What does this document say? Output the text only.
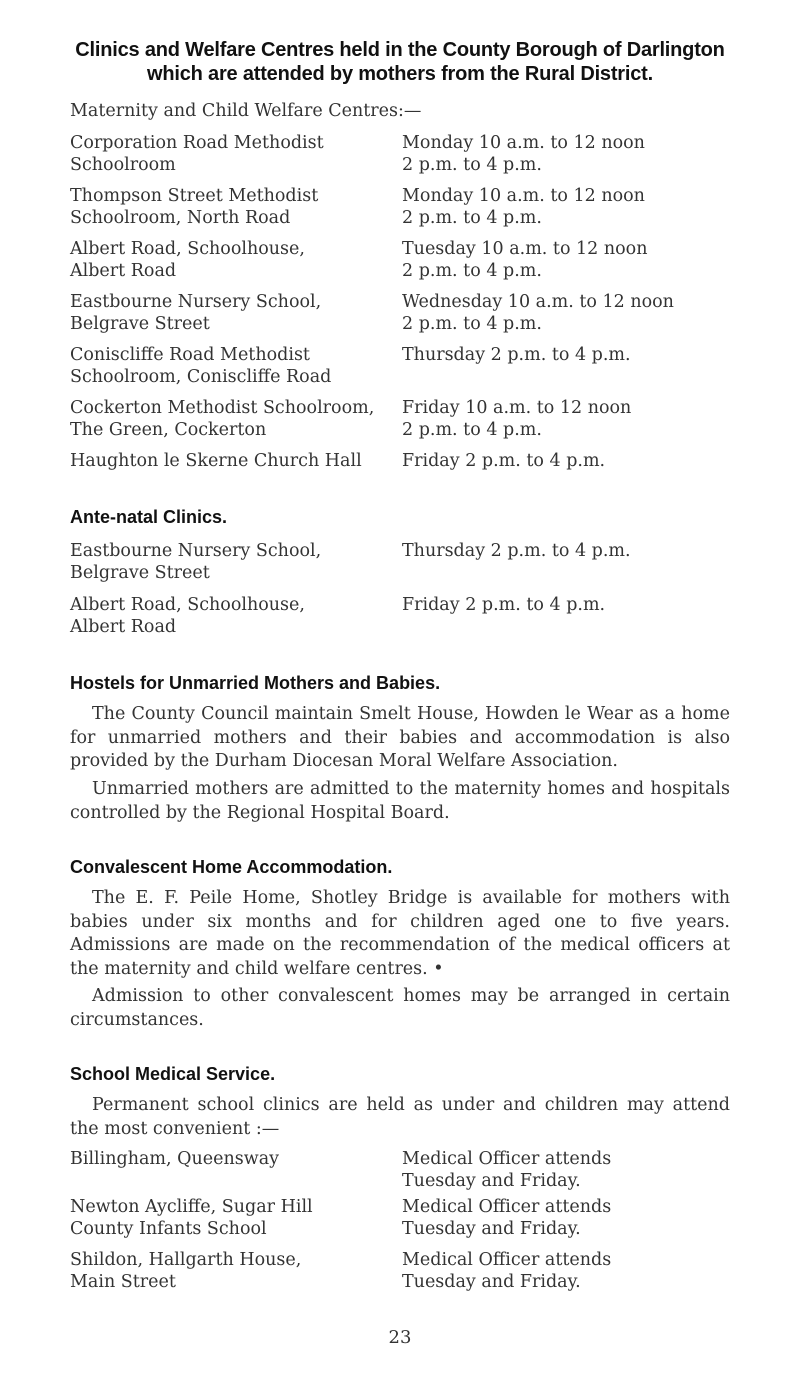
Clinics and Welfare Centres held in the County Borough of Darlington
which are attended by mothers from the Rural District.
Maternity and Child Welfare Centres:—
Corporation Road Methodist
Schoolroom
Monday 10 a.m. to 12 noon
2 p.m. to 4 p.m.
Thompson Street Methodist
Schoolroom, North Road
Monday 10 a.m. to 12 noon
2 p.m. to 4 p.m.
Albert Road, Schoolhouse,
Albert Road
Tuesday 10 a.m. to 12 noon
2 p.m. to 4 p.m.
Eastbourne Nursery School,
Belgrave Street
Wednesday 10 a.m. to 12 noon
2 p.m. to 4 p.m.
Coniscliffe Road Methodist
Schoolroom, Coniscliffe Road
Thursday 2 p.m. to 4 p.m.
Cockerton Methodist Schoolroom,
The Green, Cockerton
Friday 10 a.m. to 12 noon
2 p.m. to 4 p.m.
Haughton le Skerne Church Hall Friday 2 p.m. to 4 p.m.
Ante-natal Clinics.
Eastbourne Nursery School,
Belgrave Street
Thursday 2 p.m. to 4 p.m.
Albert Road, Schoolhouse,
Albert Road
Friday 2 p.m. to 4 p.m.
Hostels for Unmarried Mothers and Babies.
The County Council maintain Smelt House, Howden le Wear as a home for unmarried mothers and their babies and accommodation is also provided by the Durham Diocesan Moral Welfare Association.
Unmarried mothers are admitted to the maternity homes and hospitals controlled by the Regional Hospital Board.
Convalescent Home Accommodation.
The E. F. Peile Home, Shotley Bridge is available for mothers with babies under six months and for children aged one to five years. Admissions are made on the recommendation of the medical officers at the maternity and child welfare centres. •
Admission to other convalescent homes may be arranged in certain circumstances.
School Medical Service.
Permanent school clinics are held as under and children may attend the most convenient :—
Billingham, Queensway	Medical Officer attends
Tuesday and Friday.
Newton Aycliffe, Sugar Hill
County Infants School
Medical Officer attends
Tuesday and Friday.
Shildon, Hallgarth House,
Main Street
Medical Officer attends
Tuesday and Friday.
23
